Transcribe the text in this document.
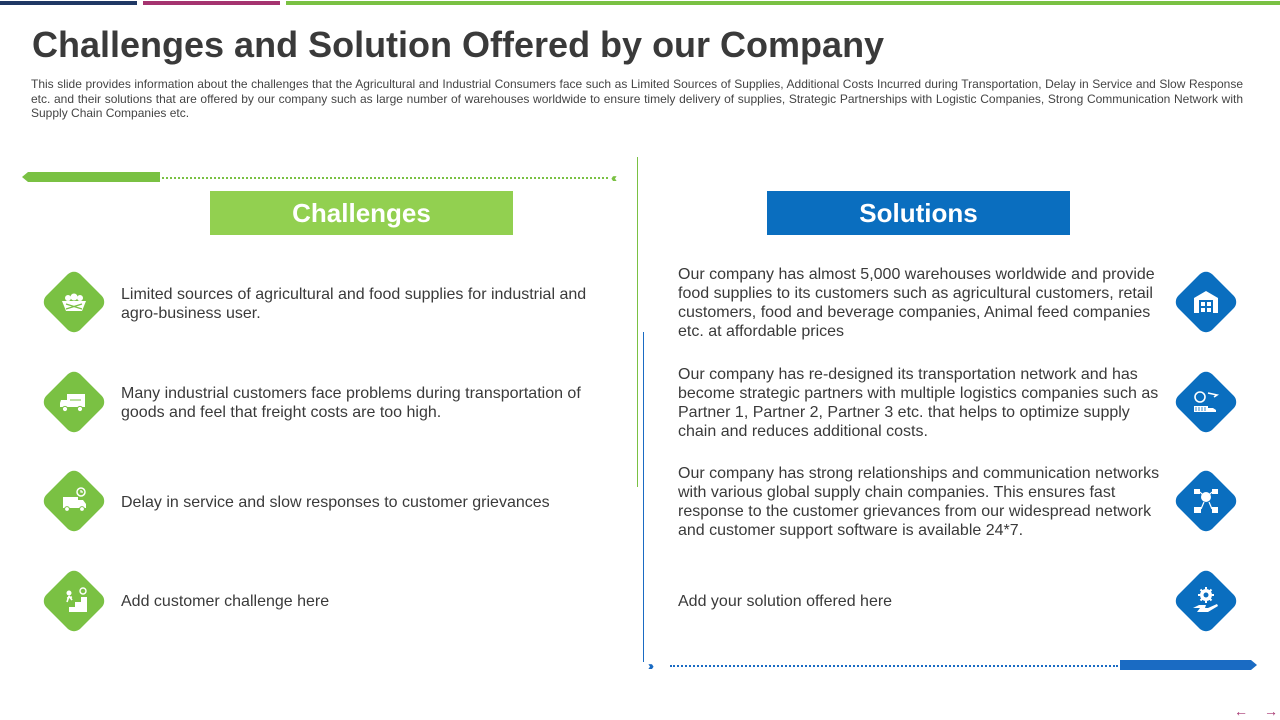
Challenges and Solution Offered by our Company

This slide provides information about the challenges that the Agricultural and Industrial Consumers face such as Limited Sources of Supplies, Additional Costs Incurred during Transportation, Delay in Service and Slow Response etc. and their solutions that are offered by our company such as large number of warehouses worldwide to ensure timely delivery of supplies, Strategic Partnerships with Logistic Companies, Strong Communication Network with Supply Chain Companies etc.

‹‹‹
›››
Challenges	Solutions

Limited sources of agricultural and food supplies for industrial and agro-business user.

Many industrial customers face problems during transportation of goods and feel that freight costs are too high.

Delay in service and slow responses to customer grievances

Add customer challenge here

Our company has almost 5,000 warehouses worldwide and provide food supplies to its customers such as agricultural customers, retail customers, food and beverage companies, Animal feed companies etc. at affordable prices

Our company has re-designed its transportation network and has become strategic partners with multiple logistics companies such as Partner 1, Partner 2, Partner 3 etc. that helps to optimize supply chain and reduces additional costs.

Our company has strong relationships and communication networks with various global supply chain companies. This ensures fast response to the customer grievances from our widespread network and customer support software is available 24*7.

Add your solution offered here

← →
